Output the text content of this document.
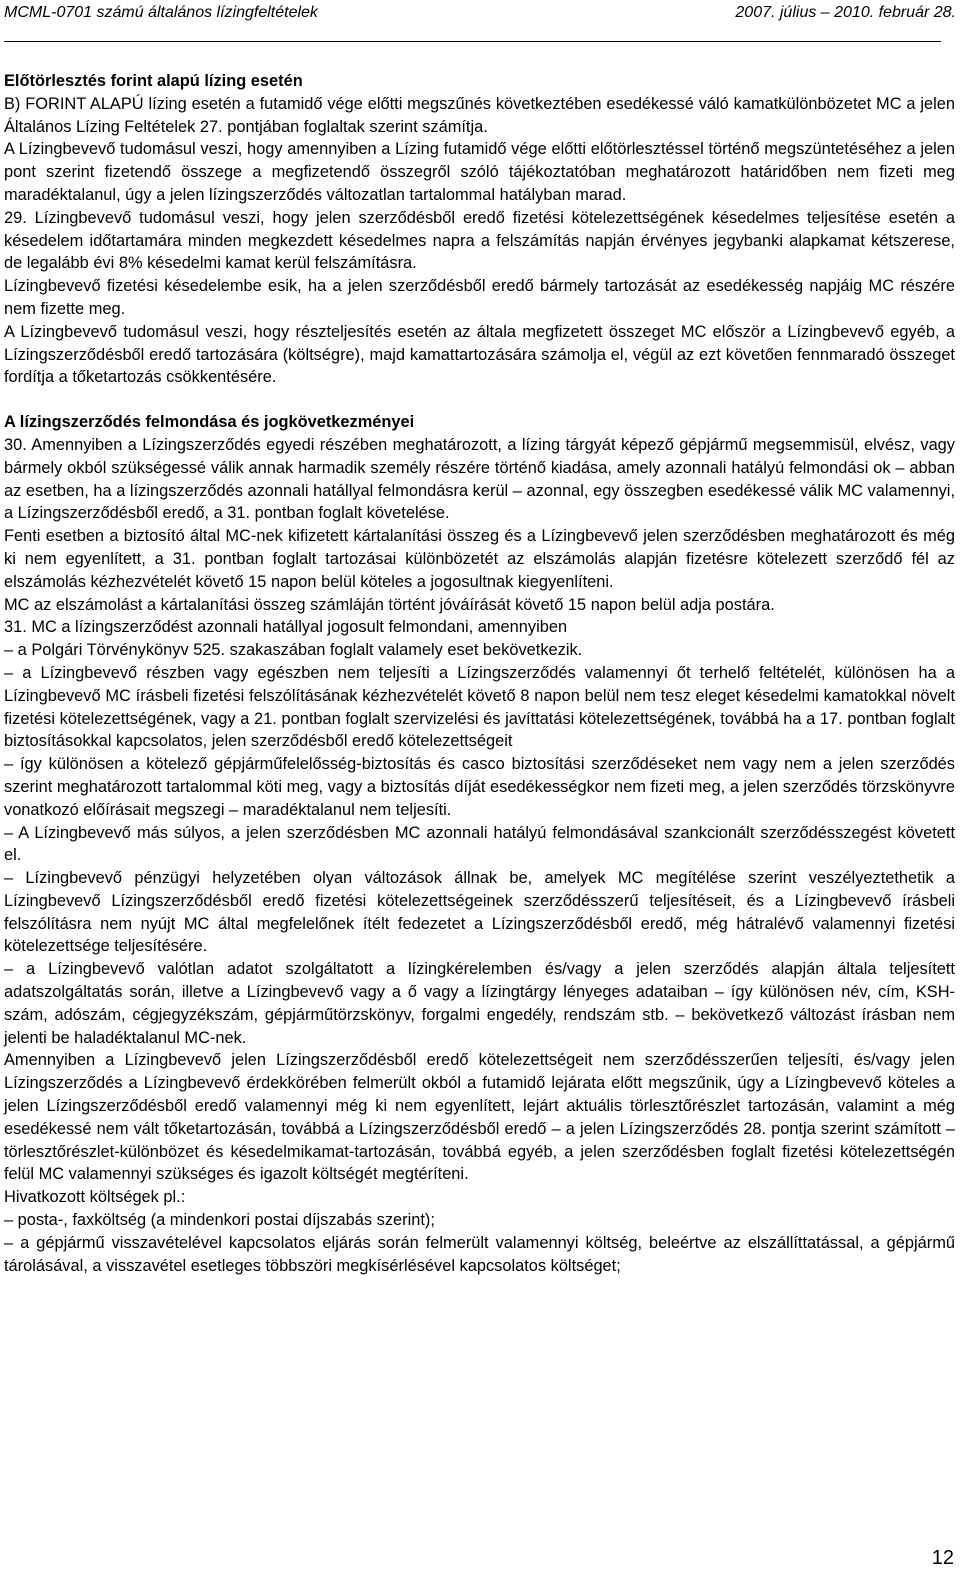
MCML-0701 számú általános lízingfeltételek	2007. július – 2010. február 28.

Előtörlesztés forint alapú lízing esetén

B) FORINT ALAPÚ lízing esetén a futamidő vége előtti megszűnés következtében esedékessé váló kamatkülönbözetet MC a jelen Általános Lízing Feltételek 27. pontjában foglaltak szerint számítja.

A Lízingbevevő tudomásul veszi, hogy amennyiben a Lízing futamidő vége előtti előtörlesztéssel történő megszüntetéséhez a jelen pont szerint fizetendő összege a megfizetendő összegről szóló tájékoztatóban meghatározott határidőben nem fizeti meg maradéktalanul, úgy a jelen lízingszerződés változatlan tartalommal hatályban marad.

29. Lízingbevevő tudomásul veszi, hogy jelen szerződésből eredő fizetési kötelezettségének késedelmes teljesítése esetén a késedelem időtartamára minden megkezdett késedelmes napra a felszámítás napján érvényes jegybanki alapkamat kétszerese, de legalább évi 8% késedelmi kamat kerül felszámításra.

Lízingbevevő fizetési késedelembe esik, ha a jelen szerződésből eredő bármely tartozását az esedékesség napjáig MC részére nem fizette meg.

A Lízingbevevő tudomásul veszi, hogy részteljesítés esetén az általa megfizetett összeget MC először a Lízingbevevő egyéb, a Lízingszerződésből eredő tartozására (költségre), majd kamattartozására számolja el, végül az ezt követően fennmaradó összeget fordítja a tőketartozás csökkentésére.

A lízingszerződés felmondása és jogkövetkezményei

30. Amennyiben a Lízingszerződés egyedi részében meghatározott, a lízing tárgyát képező gépjármű megsemmisül, elvész, vagy bármely okból szükségessé válik annak harmadik személy részére történő kiadása, amely azonnali hatályú felmondási ok – abban az esetben, ha a lízingszerződés azonnali hatállyal felmondásra kerül – azonnal, egy összegben esedékessé válik MC valamennyi, a Lízingszerződésből eredő, a 31. pontban foglalt követelése.

Fenti esetben a biztosító által MC-nek kifizetett kártalanítási összeg és a Lízingbevevő jelen szerződésben meghatározott és még ki nem egyenlített, a 31. pontban foglalt tartozásai különbözetét az elszámolás alapján fizetésre kötelezett szerződő fél az elszámolás kézhezvételét követő 15 napon belül köteles a jogosultnak kiegyenlíteni.

MC az elszámolást a kártalanítási összeg számláján történt jóváírását követő 15 napon belül adja postára.

31. MC a lízingszerződést azonnali hatállyal jogosult felmondani, amennyiben

– a Polgári Törvénykönyv 525. szakaszában foglalt valamely eset bekövetkezik.

– a Lízingbevevő részben vagy egészben nem teljesíti a Lízingszerződés valamennyi őt terhelő feltételét, különösen ha a Lízingbevevő MC írásbeli fizetési felszólításának kézhezvételét követő 8 napon belül nem tesz eleget késedelmi kamatokkal növelt fizetési kötelezettségének, vagy a 21. pontban foglalt szervizelési és javíttatási kötelezettségének, továbbá ha a 17. pontban foglalt biztosításokkal kapcsolatos, jelen szerződésből eredő kötelezettségeit

– így különösen a kötelező gépjárműfelelősség-biztosítás és casco biztosítási szerződéseket nem vagy nem a jelen szerződés szerint meghatározott tartalommal köti meg, vagy a biztosítás díját esedékességkor nem fizeti meg, a jelen szerződés törzskönyvre vonatkozó előírásait megszegi – maradéktalanul nem teljesíti.

– A Lízingbevevő más súlyos, a jelen szerződésben MC azonnali hatályú felmondásával szankcionált szerződésszegést követett el.

– Lízingbevevő pénzügyi helyzetében olyan változások állnak be, amelyek MC megítélése szerint veszélyeztethetik a Lízingbevevő Lízingszerződésből eredő fizetési kötelezettségeinek szerződésszerű teljesítéseit, és a Lízingbevevő írásbeli felszólításra nem nyújt MC által megfelelőnek ítélt fedezetet a Lízingszerződésből eredő, még hátralévő valamennyi fizetési kötelezettsége teljesítésére.

– a Lízingbevevő valótlan adatot szolgáltatott a lízingkérelemben és/vagy a jelen szerződés alapján általa teljesített adatszolgáltatás során, illetve a Lízingbevevő vagy a ő vagy a lízingtárgy lényeges adataiban – így különösen név, cím, KSH-szám, adószám, cégjegyzékszám, gépjárműtörzskönyv, forgalmi engedély, rendszám stb. – bekövetkező változást írásban nem jelenti be haladéktalanul MC-nek.

Amennyiben a Lízingbevevő jelen Lízingszerződésből eredő kötelezettségeit nem szerződésszerűen teljesíti, és/vagy jelen Lízingszerződés a Lízingbevevő érdekkörében felmerült okból a futamidő lejárata előtt megszűnik, úgy a Lízingbevevő köteles a jelen Lízingszerződésből eredő valamennyi még ki nem egyenlített, lejárt aktuális törlesztőrészlet tartozásán, valamint a még esedékessé nem vált tőketartozásán, továbbá a Lízingszerződésből eredő – a jelen Lízingszerződés 28. pontja szerint számított – törlesztőrészlet-különbözet és késedelmikamat-tartozásán, továbbá egyéb, a jelen szerződésben foglalt fizetési kötelezettségén felül MC valamennyi szükséges és igazolt költségét megtéríteni.

Hivatkozott költségek pl.:

– posta-, faxköltség (a mindenkori postai díjszabás szerint);

– a gépjármű visszavételével kapcsolatos eljárás során felmerült valamennyi költség, beleértve az elszállíttatással, a gépjármű tárolásával, a visszavétel esetleges többszöri megkísérlésével kapcsolatos költséget;

12
